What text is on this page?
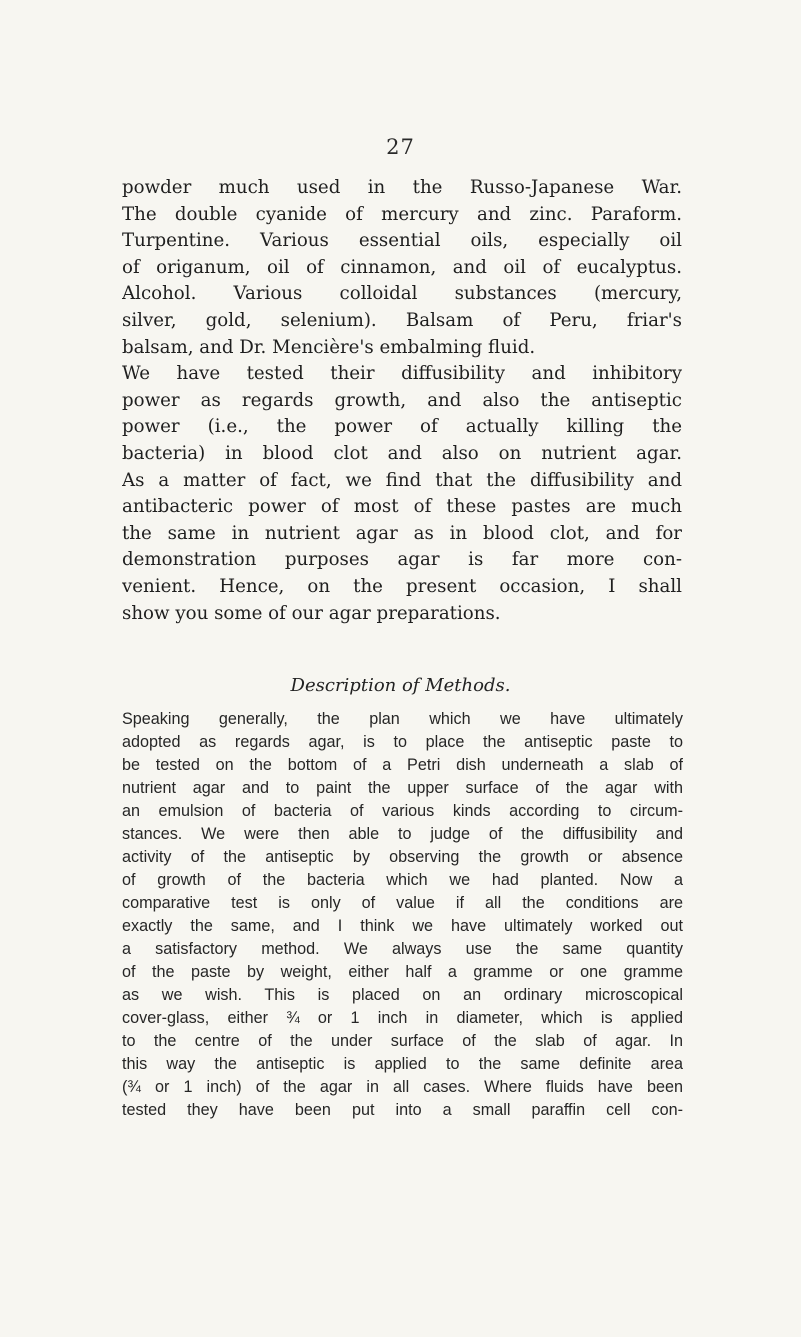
27
powder much used in the Russo-Japanese War.
The double cyanide of mercury and zinc. Paraform.
Turpentine. Various essential oils, especially oil
of origanum, oil of cinnamon, and oil of eucalyptus.
Alcohol. Various colloidal substances (mercury,
silver, gold, selenium). Balsam of Peru, friar's
balsam, and Dr. Mencière's embalming fluid.
We have tested their diffusibility and inhibitory
power as regards growth, and also the antiseptic
power (i.e., the power of actually killing the
bacteria) in blood clot and also on nutrient agar.
As a matter of fact, we find that the diffusibility and
antibacteric power of most of these pastes are much
the same in nutrient agar as in blood clot, and for
demonstration purposes agar is far more con-
venient. Hence, on the present occasion, I shall
show you some of our agar preparations.
Description of Methods.
Speaking generally, the plan which we have ultimately
adopted as regards agar, is to place the antiseptic paste to
be tested on the bottom of a Petri dish underneath a slab of
nutrient agar and to paint the upper surface of the agar with
an emulsion of bacteria of various kinds according to circum-
stances. We were then able to judge of the diffusibility and
activity of the antiseptic by observing the growth or absence
of growth of the bacteria which we had planted. Now a
comparative test is only of value if all the conditions are
exactly the same, and I think we have ultimately worked out
a satisfactory method. We always use the same quantity
of the paste by weight, either half a gramme or one gramme
as we wish. This is placed on an ordinary microscopical
cover-glass, either ¾ or 1 inch in diameter, which is applied
to the centre of the under surface of the slab of agar. In
this way the antiseptic is applied to the same definite area
(¾ or 1 inch) of the agar in all cases. Where fluids have been
tested they have been put into a small paraffin cell con-
